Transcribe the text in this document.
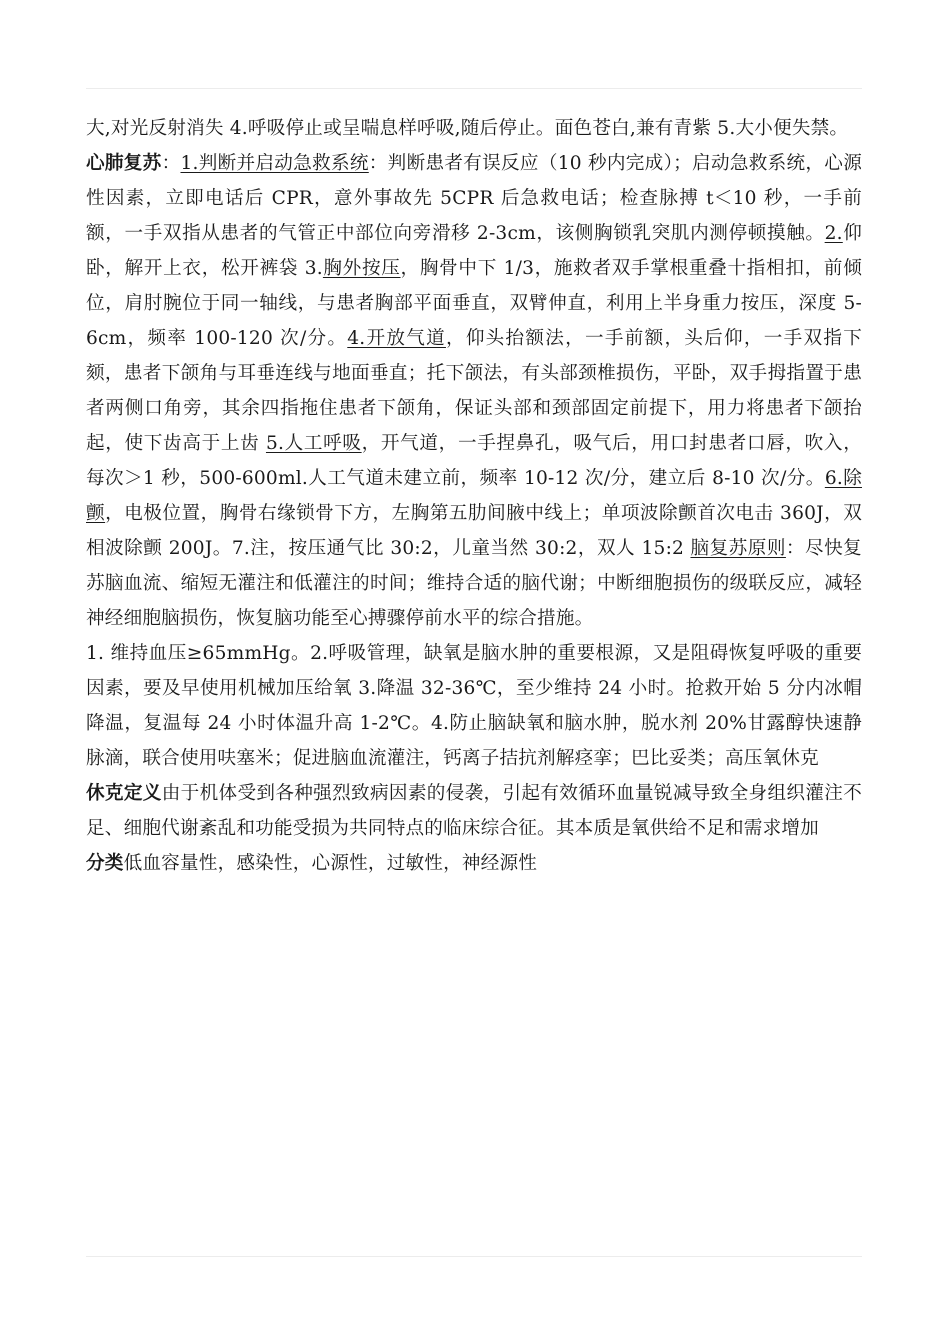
大,对光反射消失 4.呼吸停止或呈喘息样呼吸,随后停止。面色苍白,兼有青紫 5.大小便失禁。

心肺复苏：1.判断并启动急救系统：判断患者有误反应（10 秒内完成）；启动急救系统，心源性因素，立即电话后 CPR，意外事故先 5CPR 后急救电话；检查脉搏 t＜10 秒，一手前额，一手双指从患者的气管正中部位向旁滑移 2-3cm，该侧胸锁乳突肌内测停顿摸触。2.仰卧，解开上衣，松开裤袋 3.胸外按压，胸骨中下 1/3，施救者双手掌根重叠十指相扣，前倾位，肩肘腕位于同一轴线，与患者胸部平面垂直，双臂伸直，利用上半身重力按压，深度 5-6cm，频率 100-120 次/分。4.开放气道，仰头抬额法，一手前额，头后仰，一手双指下颏，患者下颌角与耳垂连线与地面垂直；托下颌法，有头部颈椎损伤，平卧，双手拇指置于患者两侧口角旁，其余四指拖住患者下颌角，保证头部和颈部固定前提下，用力将患者下颌抬起，使下齿高于上齿 5.人工呼吸，开气道，一手捏鼻孔，吸气后，用口封患者口唇，吹入，每次＞1 秒，500-600ml.人工气道未建立前，频率 10-12 次/分，建立后 8-10 次/分。6.除颤，电极位置，胸骨右缘锁骨下方，左胸第五肋间腋中线上；单项波除颤首次电击 360J，双相波除颤 200J。7.注，按压通气比 30:2，儿童当然 30:2，双人 15:2 脑复苏原则：尽快复苏脑血流、缩短无灌注和低灌注的时间；维持合适的脑代谢；中断细胞损伤的级联反应，减轻神经细胞脑损伤，恢复脑功能至心搏骤停前水平的综合措施。

1. 维持血压≥65mmHg。2.呼吸管理，缺氧是脑水肿的重要根源，又是阻碍恢复呼吸的重要因素，要及早使用机械加压给氧 3.降温 32-36℃，至少维持 24 小时。抢救开始 5 分内冰帽降温，复温每 24 小时体温升高 1-2℃。4.防止脑缺氧和脑水肿，脱水剂 20%甘露醇快速静脉滴，联合使用呋塞米；促进脑血流灌注，钙离子拮抗剂解痉挛；巴比妥类；高压氧休克

休克定义由于机体受到各种强烈致病因素的侵袭，引起有效循环血量锐减导致全身组织灌注不足、细胞代谢紊乱和功能受损为共同特点的临床综合征。其本质是氧供给不足和需求增加

分类低血容量性，感染性，心源性，过敏性，神经源性
